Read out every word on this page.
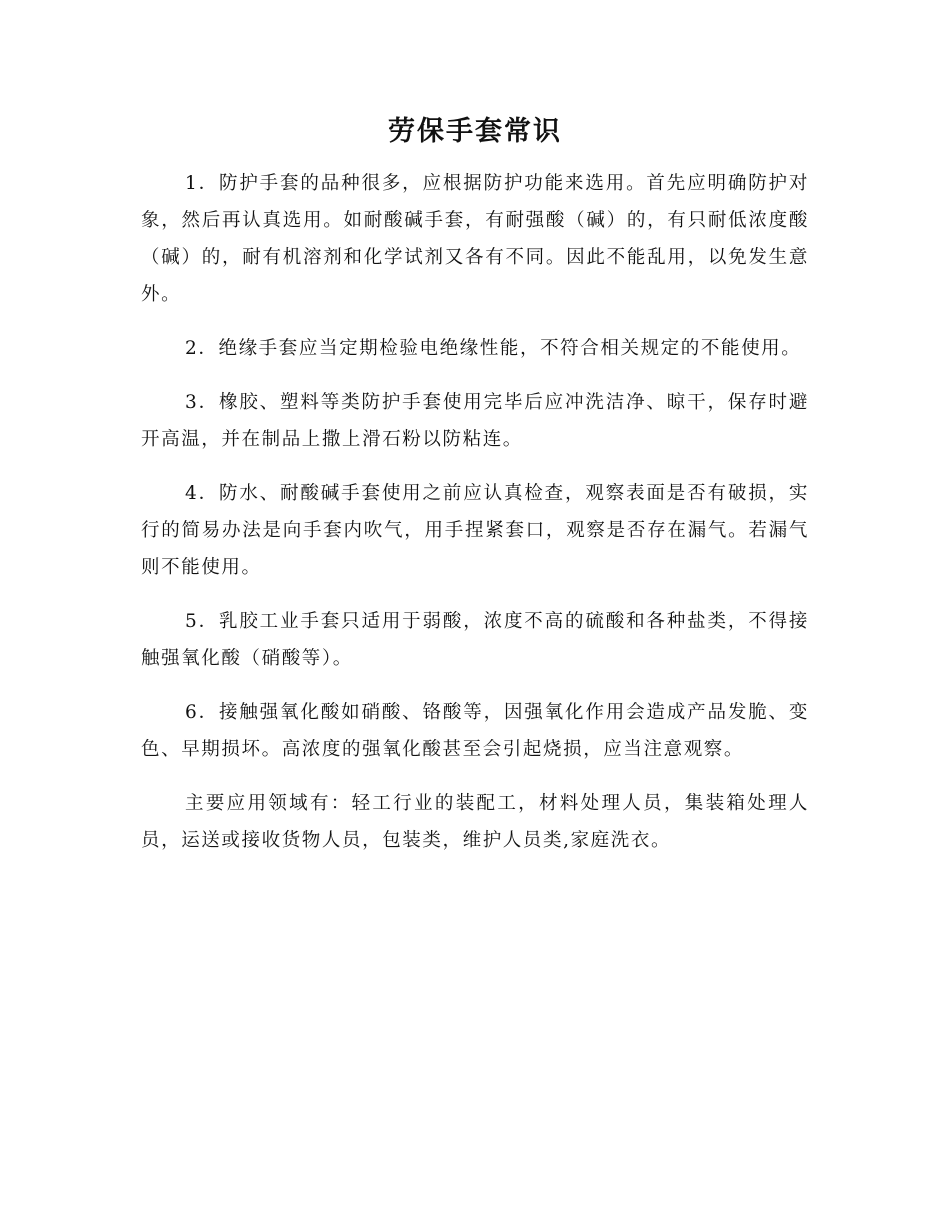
劳保手套常识

1．防护手套的品种很多，应根据防护功能来选用。首先应明确防护对象，然后再认真选用。如耐酸碱手套，有耐强酸（碱）的，有只耐低浓度酸（碱）的，耐有机溶剂和化学试剂又各有不同。因此不能乱用，以免发生意外。

2．绝缘手套应当定期检验电绝缘性能，不符合相关规定的不能使用。

3．橡胶、塑料等类防护手套使用完毕后应冲洗洁净、晾干，保存时避开高温，并在制品上撒上滑石粉以防粘连。

4．防水、耐酸碱手套使用之前应认真检查，观察表面是否有破损，实行的简易办法是向手套内吹气，用手捏紧套口，观察是否存在漏气。若漏气则不能使用。

5．乳胶工业手套只适用于弱酸，浓度不高的硫酸和各种盐类，不得接触强氧化酸（硝酸等）。

6．接触强氧化酸如硝酸、铬酸等，因强氧化作用会造成产品发脆、变色、早期损坏。高浓度的强氧化酸甚至会引起烧损，应当注意观察。

主要应用领域有：轻工行业的装配工，材料处理人员，集装箱处理人员，运送或接收货物人员，包装类，维护人员类,家庭洗衣。
